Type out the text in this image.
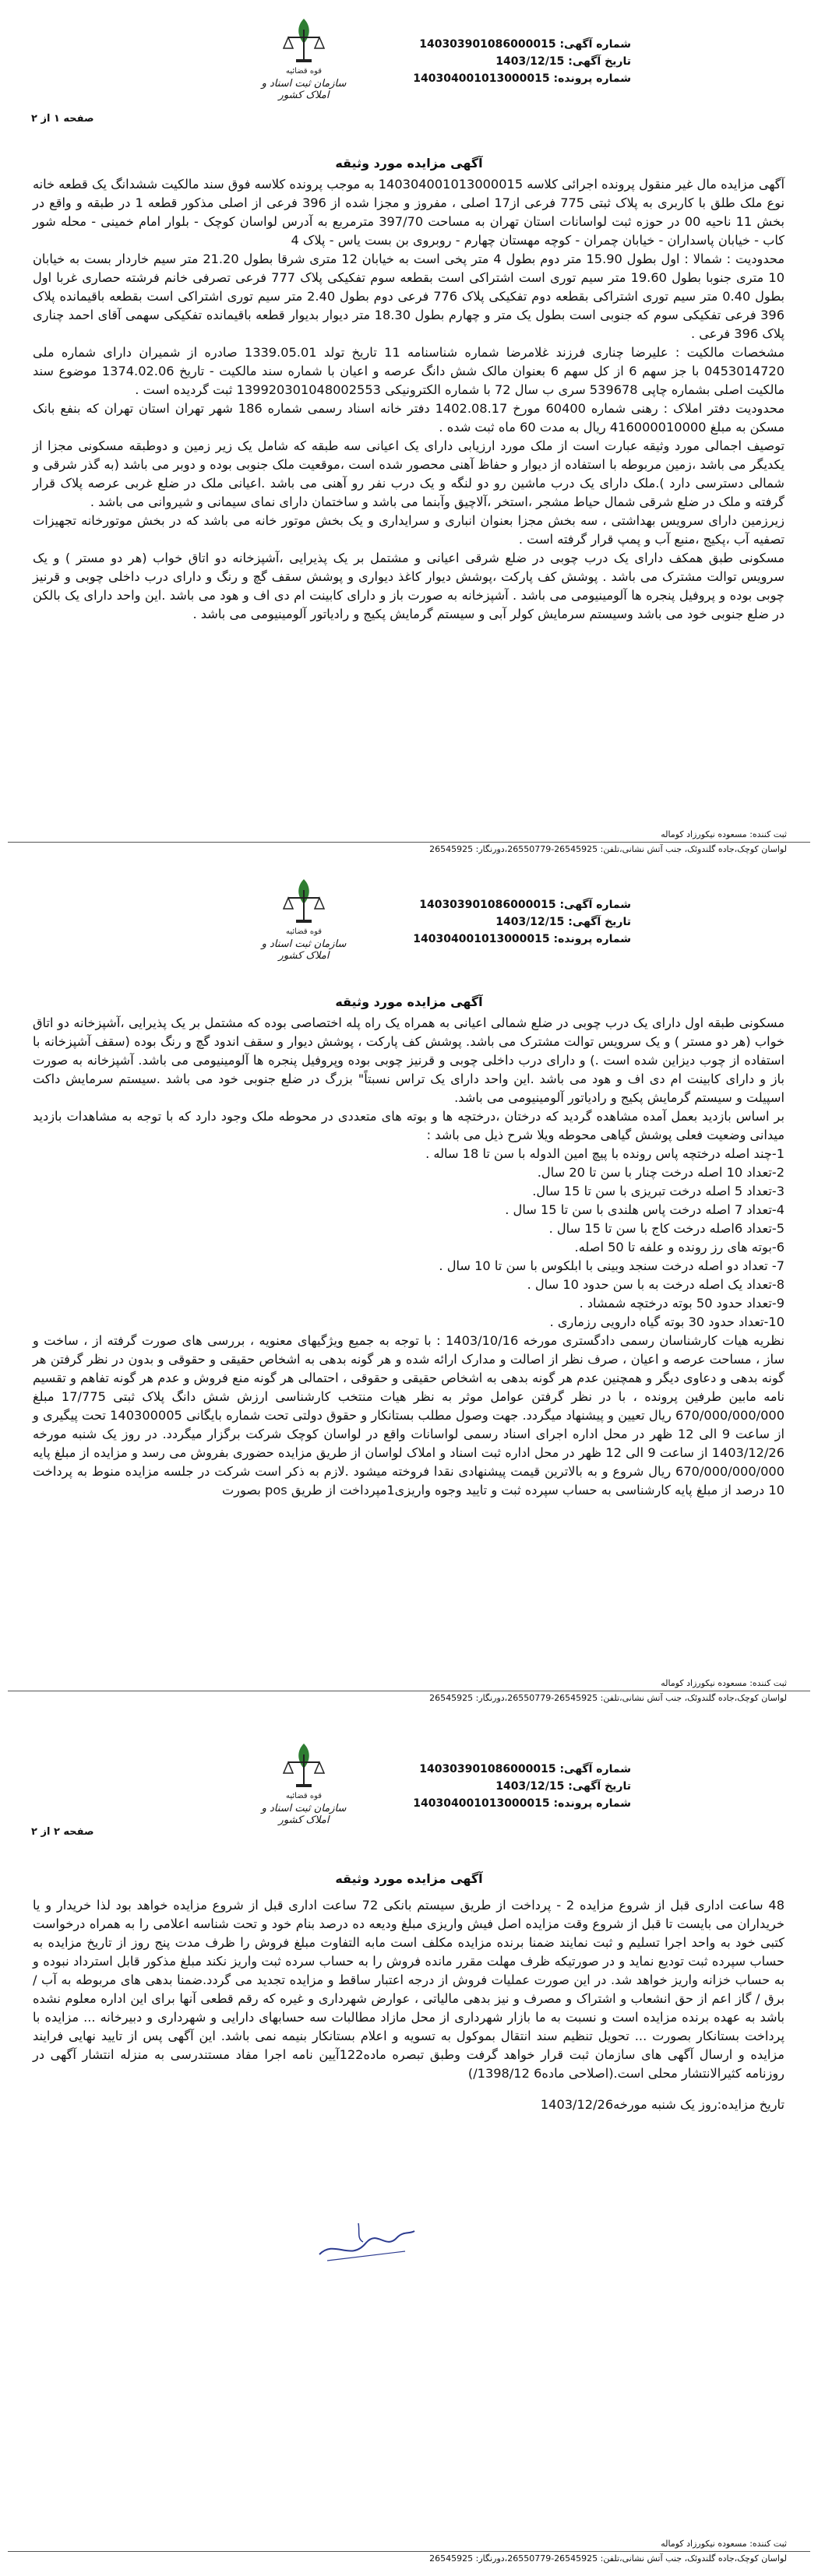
قوه قضائیه
سازمان ثبت اسناد و املاک کشور
شماره آگهی: 140303901086000015
تاریخ آگهی: 1403/12/15
شماره پرونده: 140304001013000015
صفحه ۱ از ۲
آگهی مزایده مورد وثیقه

آگهی مزایده مال غیر منقول پرونده اجرائی کلاسه 140304001013000015 به موجب پرونده کلاسه فوق سند مالکیت ششدانگ یک قطعه خانه نوع ملک طلق با کاربری به پلاک ثبتی 775 فرعی از17 اصلی ، مفروز و مجزا شده از 396 فرعی از اصلی مذکور قطعه 1 در طبقه و واقع در بخش 11 ناحیه 00 در حوزه ثبت لواسانات استان تهران به مساحت 397/70 مترمربع به آدرس لواسان کوچک - بلوار امام خمینی - محله شور کاب - خیابان پاسداران - خیابان چمران - کوچه مهستان چهارم - روبروی بن بست یاس - پلاک 4

محدودیت : شمالا : اول بطول 15.90 متر دوم بطول 4 متر پخی است به خیابان 12 متری شرقا بطول 21.20 متر سیم خاردار بست به خیابان 10 متری جنوبا بطول 19.60 متر سیم توری است اشتراکی است بقطعه سوم تفکیکی پلاک 777 فرعی تصرفی خانم فرشته حصاری غربا اول بطول 0.40 متر سیم توری اشتراکی بقطعه دوم تفکیکی پلاک 776 فرعی دوم بطول 2.40 متر سیم توری اشتراکی است بقطعه باقیمانده پلاک 396 فرعی تفکیکی سوم که جنوبی است بطول یک متر و چهارم بطول 18.30 متر دیوار بدیوار قطعه باقیمانده تفکیکی سهمی آقای احمد چناری پلاک 396 فرعی .

مشخصات مالکیت : علیرضا چناری فرزند غلامرضا شماره شناسنامه 11 تاریخ تولد 1339.05.01 صادره از شمیران دارای شماره ملی 0453014720 با جز سهم 6 از کل سهم 6 بعنوان مالک شش دانگ عرصه و اعیان با شماره سند مالکیت - تاریخ 1374.02.06 موضوع سند مالکیت اصلی بشماره چاپی 539678 سری ب سال 72 با شماره الکترونیکی 139920301048002553 ثبت گردیده است .

محدودیت دفتر املاک : رهنی شماره 60400 مورخ 1402.08.17 دفتر خانه اسناد رسمی شماره 186 شهر تهران استان تهران که بنفع بانک مسکن به مبلغ 416000010000 ریال به مدت 60 ماه ثبت شده .

توصیف اجمالی مورد وثیقه عبارت است از ملک مورد ارزیابی دارای یک اعیانی سه طبقه که شامل یک زیر زمین و دوطبقه مسکونی مجزا از یکدیگر می باشد ،زمین مربوطه با استفاده از دیوار و حفاظ آهنی محصور شده است ،موقعیت ملک جنوبی بوده و دوبر می باشد (به گذر شرقی و شمالی دسترسی دارد ).ملک دارای یک درب ماشین رو دو لنگه و یک درب نفر رو آهنی می باشد .اعیانی ملک در ضلع غربی عرصه پلاک قرار گرفته و ملک در ضلع شرقی شمال حیاط مشجر ،استخر ،آلاچیق وآبنما می باشد و ساختمان دارای نمای سیمانی و شیروانی می باشد .

زیرزمین دارای سرویس بهداشتی ، سه بخش مجزا بعنوان انباری و سرایداری و یک بخش موتور خانه می باشد که در بخش موتورخانه تجهیزات تصفیه آب ،پکیج ،منبع آب و پمپ قرار گرفته است .

مسکونی طبق همکف دارای یک درب چوبی در ضلع شرقی اعیانی و مشتمل بر یک پذیرایی ،آشپزخانه دو اتاق خواب (هر دو مستر ) و یک سرویس توالت مشترک می باشد . پوشش کف پارکت ،پوشش دیوار کاغذ دیواری و پوشش سقف گچ و رنگ و دارای درب داخلی چوبی و قرنیز چوبی بوده و پروفیل پنجره ها آلومینیومی می باشد . آشپزخانه به صورت باز و دارای کابینت ام دی اف و هود می باشد .این واحد دارای یک بالکن در ضلع جنوبی خود می باشد وسیستم سرمایش کولر آبی و سیستم گرمایش پکیج و رادیاتور آلومینیومی می باشد .

ثبت کننده: مسعوده نیکورزاد کوماله
لواسان کوچک،جاده گلندوئک، جنب آتش نشانی،تلفن: 26545925-26550779،دورنگار: 26545925
قوه قضائیه
سازمان ثبت اسناد و املاک کشور
شماره آگهی: 140303901086000015
تاریخ آگهی: 1403/12/15
شماره پرونده: 140304001013000015
آگهی مزایده مورد وثیقه

مسکونی طبقه اول دارای یک درب چوبی در ضلع شمالی اعیانی به همراه یک راه پله اختصاصی بوده که مشتمل بر یک پذیرایی ،آشپزخانه دو اتاق خواب (هر دو مستر ) و یک سرویس توالت مشترک می باشد. پوشش کف پارکت ، پوشش دیوار و سقف اندود گچ و رنگ بوده (سقف آشپزخانه با استفاده از چوب دیزاین شده است .) و دارای درب داخلی چوبی و قرنیز چوبی بوده وپروفیل پنجره ها آلومینیومی می باشد. آشپزخانه به صورت باز و دارای کابینت ام دی اف و هود می باشد .این واحد دارای یک تراس نسبتاً" بزرگ در ضلع جنوبی خود می باشد .سیستم سرمایش داکت اسپیلت و سیستم گرمایش پکیج و رادیاتور آلومینیومی می باشد.

بر اساس بازدید بعمل آمده مشاهده گردید که درختان ،درختچه ها و بوته های متعددی در محوطه ملک وجود دارد که با توجه به مشاهدات بازدید میدانی وضعیت فعلی پوشش گیاهی محوطه ویلا شرح ذیل می باشد :

1-چند اصله درختچه پاس رونده با پیچ امین الدوله با سن تا 18 ساله .
2-تعداد 10 اصله درخت چنار با سن تا 20 سال.
3-تعداد 5 اصله درخت تبریزی با سن تا 15 سال.
4-تعداد 7 اصله درخت پاس هلندی با سن تا 15 سال .
5-تعداد 6اصله درخت کاج با سن تا 15 سال .
6-بوته های رز رونده و علفه تا 50 اصله.
7- تعداد دو اصله درخت سنجد وبینی با ابلکوس با سن تا 10 سال .
8-تعداد یک اصله درخت به با سن حدود 10 سال .
9-تعداد حدود 50 بوته درختچه شمشاد .
10-تعداد حدود 30 بوته گیاه دارویی رزماری .

نظریه هیات کارشناسان رسمی دادگستری مورخه 1403/10/16 : با توجه به جمیع ویژگیهای معنویه ، بررسی های صورت گرفته از ، ساخت و ساز ، مساحت عرصه و اعیان ، صرف نظر از اصالت و مدارک ارائه شده و هر گونه بدهی به اشخاص حقیقی و حقوقی و بدون در نظر گرفتن هر گونه بدهی و دعاوی دیگر و همچنین عدم هر گونه بدهی به اشخاص حقیقی و حقوقی ، احتمالی هر گونه منع فروش و عدم هر گونه تفاهم و تقسیم نامه مابین طرفین پرونده ، با در نظر گرفتن عوامل موثر به نظر هیات منتخب کارشناسی ارزش شش دانگ پلاک ثبتی 17/775 مبلغ 670/000/000/000 ریال تعیین و پیشنهاد میگردد. جهت وصول مطلب بستانکار و حقوق دولتی تحت شماره بایگانی 140300005 تحت پیگیری و از ساعت 9 الی 12 ظهر در محل اداره اجرای اسناد رسمی لواسانات واقع در لواسان کوچک شرکت برگزار میگردد. در روز یک شنبه مورخه 1403/12/26 از ساعت 9 الی 12 ظهر در محل اداره ثبت اسناد و املاک لواسان از طریق مزایده حضوری بفروش می رسد و مزایده از مبلغ پایه 670/000/000/000 ریال شروع و به بالاترین قیمت پیشنهادی نقدا فروخته میشود .لازم به ذکر است شرکت در جلسه مزایده منوط به پرداخت 10 درصد از مبلغ پایه کارشناسی به حساب سپرده ثبت و تایید وجوه واریزی1مپرداخت از طریق pos بصورت

ثبت کننده: مسعوده نیکورزاد کوماله
لواسان کوچک،جاده گلندوئک، جنب آتش نشانی،تلفن: 26545925-26550779،دورنگار: 26545925
قوه قضائیه
سازمان ثبت اسناد و املاک کشور
شماره آگهی: 140303901086000015
تاریخ آگهی: 1403/12/15
شماره پرونده: 140304001013000015
صفحه ۲ از ۲
آگهی مزایده مورد وثیقه

48 ساعت اداری قبل از شروع مزایده 2 - پرداخت از طریق سیستم بانکی 72 ساعت اداری قبل از شروع مزایده خواهد بود لذا خریدار و یا خریداران می بایست تا قبل از شروع وقت مزایده اصل فیش واریزی مبلغ ودیعه ده درصد بنام خود و تحت شناسه اعلامی را به همراه درخواست کتبی خود به واحد اجرا تسلیم و ثبت نمایند ضمنا برنده مزایده مکلف است مابه التفاوت مبلغ فروش را ظرف مدت پنج روز از تاریخ مزایده به حساب سپرده ثبت توديع نمايد و در صورتیکه ظرف مهلت مقرر مانده فروش را به حساب سرده ثبت واریز نکند مبلغ مذکور قابل استرداد نبوده و به حساب خزانه واریز خواهد شد. در این صورت عملیات فروش از درجه اعتبار ساقط و مزایده تجدید می گردد.ضمنا بدهی های مربوطه به آب / برق / گاز اعم از حق انشعاب و اشتراک و مصرف و نیز بدهی مالیاتی ، عوارض شهرداری و غیره که رقم قطعی آنها برای این اداره معلوم نشده باشد به عهده برنده مزایده است و نسبت به ما بازار شهرداری از محل مازاد مطالبات سه حسابهای دارایی و شهرداری و دبیرخانه ... مزایده با پرداخت بستانکار بصورت ... تحویل تنظیم سند انتقال بموکول به تسویه و اعلام بستانکار بنیمه نمی باشد. این آگهی پس از تایید نهایی فرایند مزایده و ارسال آگهی های سازمان ثبت قرار خواهد گرفت وطبق تبصره ماده122آیین نامه اجرا مفاد مستندرسی به منزله انتشار آگهی در روزنامه کثیرالانتشار محلی است.(اصلاحی ماده6 1398/12/)

تاریخ مزایده:روز یک شنبه مورخه1403/12/26

ثبت کننده: مسعوده نیکورزاد کوماله
لواسان کوچک،جاده گلندوئک، جنب آتش نشانی،تلفن: 26545925-26550779،دورنگار: 26545925
